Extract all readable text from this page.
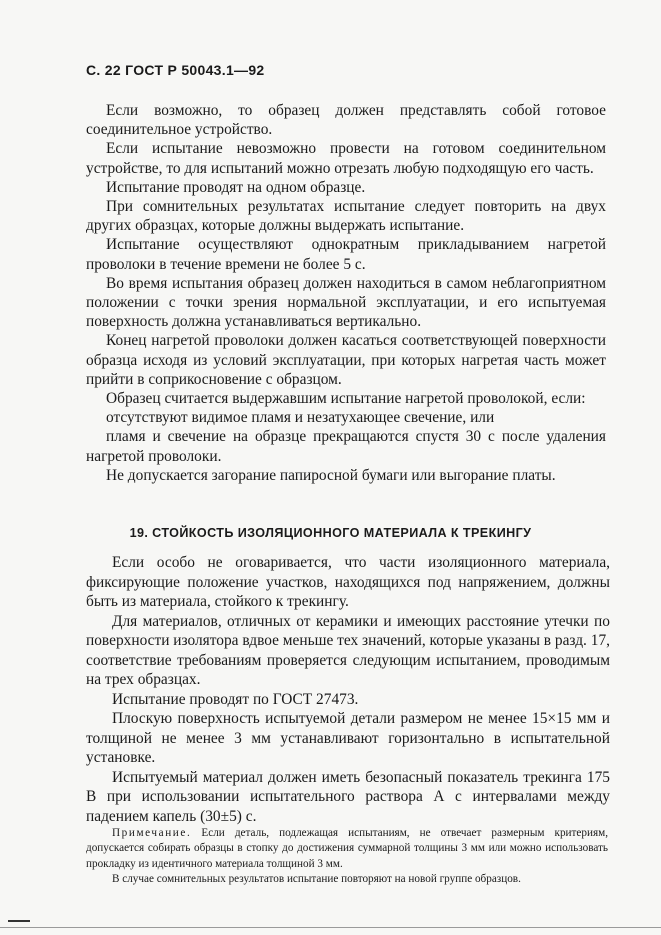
С. 22 ГОСТ Р 50043.1—92

Если возможно, то образец должен представлять собой готовое соединительное устройство.

Если испытание невозможно провести на готовом соединительном устройстве, то для испытаний можно отрезать любую подходящую его часть.

Испытание проводят на одном образце.

При сомнительных результатах испытание следует повторить на двух других образцах, которые должны выдержать испытание.

Испытание осуществляют однократным прикладыванием нагретой проволоки в течение времени не более 5 с.

Во время испытания образец должен находиться в самом неблагоприятном положении с точки зрения нормальной эксплуатации, и его испытуемая поверхность должна устанавливаться вертикально.

Конец нагретой проволоки должен касаться соответствующей поверхности образца исходя из условий эксплуатации, при которых нагретая часть может прийти в соприкосновение с образцом.

Образец считается выдержавшим испытание нагретой проволокой, если:

отсутствуют видимое пламя и незатухающее свечение, или

пламя и свечение на образце прекращаются спустя 30 с после удаления нагретой проволоки.

Не допускается загорание папиросной бумаги или выгорание платы.

19. СТОЙКОСТЬ ИЗОЛЯЦИОННОГО МАТЕРИАЛА К ТРЕКИНГУ

Если особо не оговаривается, что части изоляционного материала, фиксирующие положение участков, находящихся под напряжением, должны быть из материала, стойкого к трекингу.

Для материалов, отличных от керамики и имеющих расстояние утечки по поверхности изолятора вдвое меньше тех значений, которые указаны в разд. 17, соответствие требованиям проверяется следующим испытанием, проводимым на трех образцах.

Испытание проводят по ГОСТ 27473.

Плоскую поверхность испытуемой детали размером не менее 15×15 мм и толщиной не менее 3 мм устанавливают горизонтально в испытательной установке.

Испытуемый материал должен иметь безопасный показатель трекинга 175 В при использовании испытательного раствора А с интервалами между падением капель (30±5) с.

Примечание. Если деталь, подлежащая испытаниям, не отвечает размерным критериям, допускается собирать образцы в стопку до достижения суммарной толщины 3 мм или можно использовать прокладку из идентичного материала толщиной 3 мм.

В случае сомнительных результатов испытание повторяют на новой группе образцов.
